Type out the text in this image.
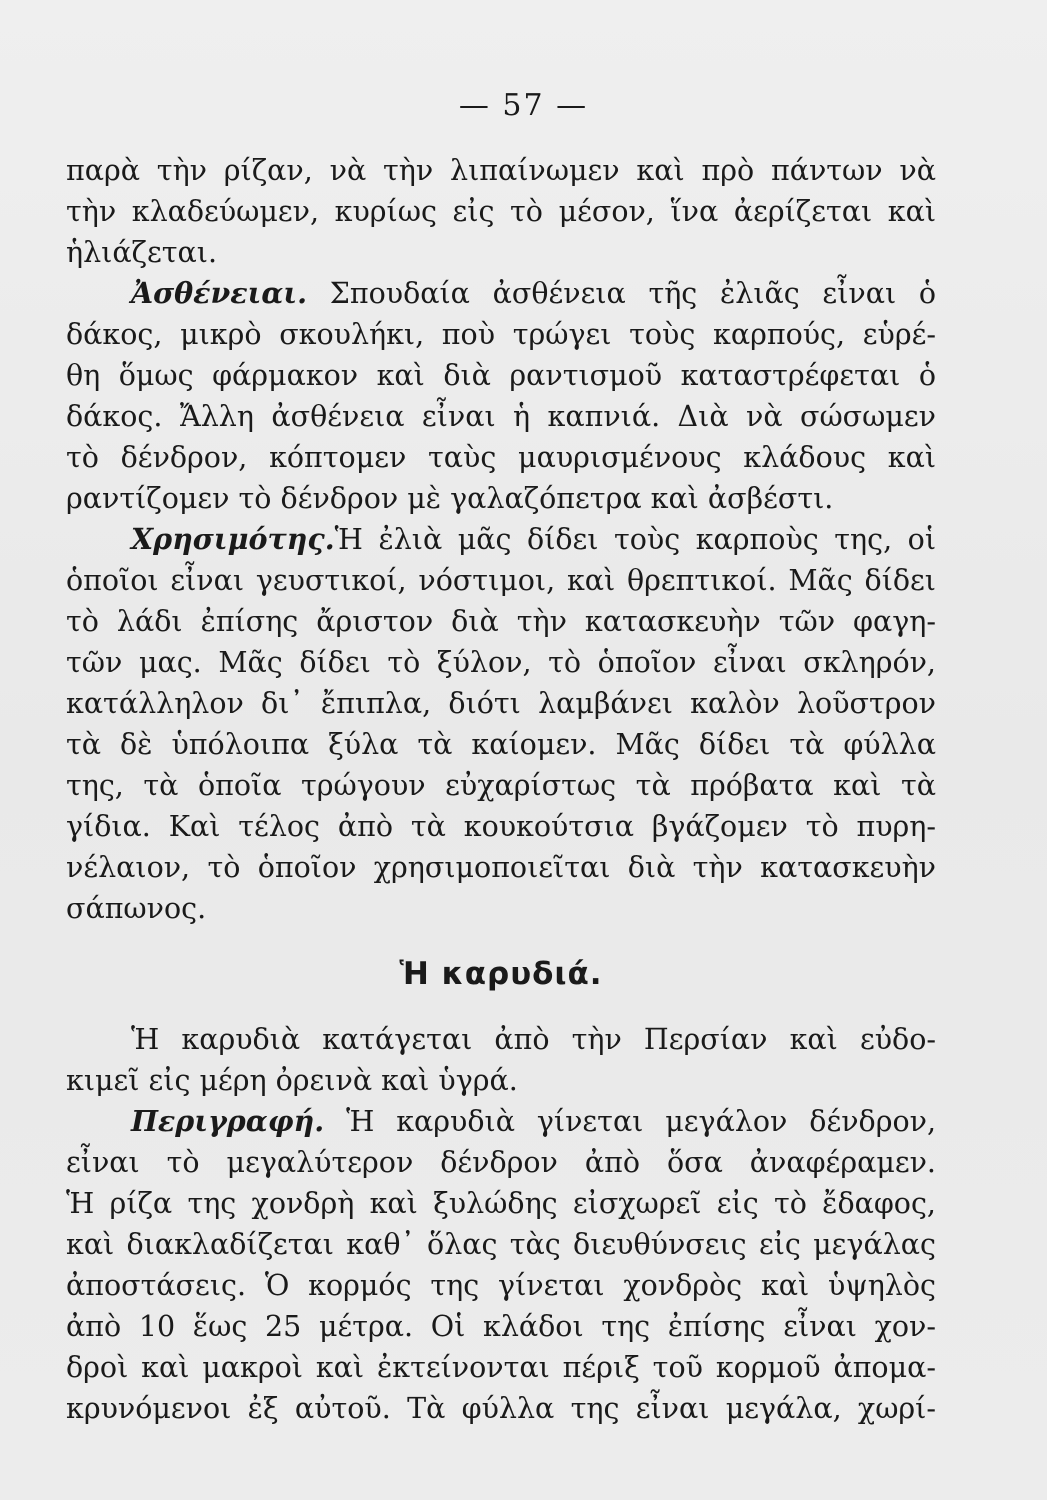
— 57 —
παρὰ τὴν ρίζαν, νὰ τὴν λιπαίνωμεν καὶ πρὸ πάντων νὰ
τὴν κλαδεύωμεν, κυρίως εἰς τὸ μέσον, ἵνα ἀερίζεται καὶ
ἡλιάζεται.
Ἀσθένειαι. Σπουδαία ἀσθένεια τῆς ἐλιᾶς εἶναι ὁ
δάκος, μικρὸ σκουλήκι, ποὺ τρώγει τοὺς καρπούς, εὑρέ-
θη ὅμως φάρμακον καὶ διὰ ραντισμοῦ καταστρέφεται ὁ
δάκος. Ἄλλη ἀσθένεια εἶναι ἡ καπνιά. Διὰ νὰ σώσωμεν
τὸ δένδρον, κόπτομεν ταὺς μαυρισμένους κλάδους καὶ
ραντίζομεν τὸ δένδρον μὲ γαλαζόπετρα καὶ ἀσβέστι.
Χρησιμότης.Ἡ ἐλιὰ μᾶς δίδει τοὺς καρποὺς της, οἱ
ὁποῖοι εἶναι γευστικοί, νόστιμοι, καὶ θρεπτικοί. Μᾶς δίδει
τὸ λάδι ἐπίσης ἄριστον διὰ τὴν κατασκευὴν τῶν φαγη-
τῶν μας. Μᾶς δίδει τὸ ξύλον, τὸ ὁποῖον εἶναι σκληρόν,
κατάλληλον δι᾿ ἔπιπλα, διότι λαμβάνει καλὸν λοῦστρον
τὰ δὲ ὑπόλοιπα ξύλα τὰ καίομεν. Μᾶς δίδει τὰ φύλλα
της, τὰ ὁποῖα τρώγουν εὐχαρίστως τὰ πρόβατα καὶ τὰ
γίδια. Καὶ τέλος ἀπὸ τὰ κουκούτσια βγάζομεν τὸ πυρη-
νέλαιον, τὸ ὁποῖον χρησιμοποιεῖται διὰ τὴν κατασκευὴν
σάπωνος.
Ἡ καρυδιά.
Ἡ καρυδιὰ κατάγεται ἀπὸ τὴν Περσίαν καὶ εὐδο-
κιμεῖ εἰς μέρη ὀρεινὰ καὶ ὑγρά.
Περιγραφή. Ἡ καρυδιὰ γίνεται μεγάλον δένδρον,
εἶναι τὸ μεγαλύτερον δένδρον ἀπὸ ὅσα ἀναφέραμεν.
Ἡ ρίζα της χονδρὴ καὶ ξυλώδης εἰσχωρεῖ εἰς τὸ ἔδαφος,
καὶ διακλαδίζεται καθ᾿ ὅλας τὰς διευθύνσεις εἰς μεγάλας
ἀποστάσεις. Ὁ κορμός της γίνεται χονδρὸς καὶ ὑψηλὸς
ἀπὸ 10 ἕως 25 μέτρα. Οἱ κλάδοι της ἐπίσης εἶναι χον-
δροὶ καὶ μακροὶ καὶ ἐκτείνονται πέριξ τοῦ κορμοῦ ἀπομα-
κρυνόμενοι ἐξ αὐτοῦ. Τὰ φύλλα της εἶναι μεγάλα, χωρί-
